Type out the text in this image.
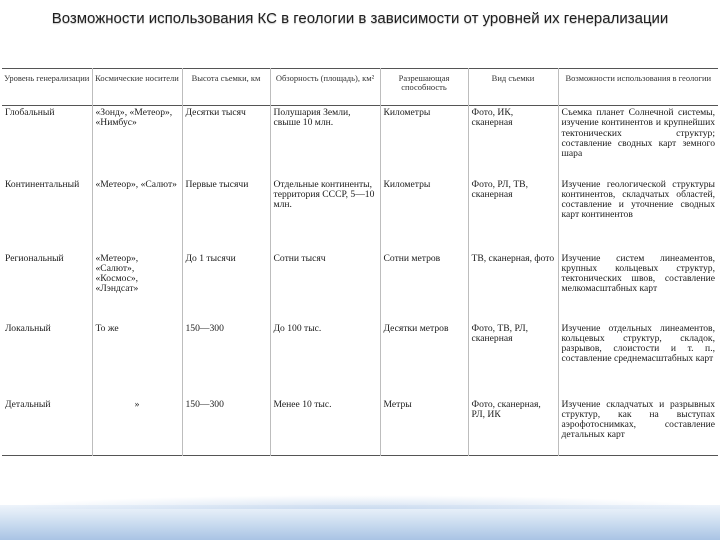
Возможности использования КС в геологии в зависимости от уровней их генерализации
Уровень генерализации	Космические носители	Высота съемки, км	Обзорность (площадь), км²	Разрешающая способность	Вид съемки	Возможности использования в геологии
Глобальный	«Зонд», «Метеор», «Нимбус»	Десятки тысяч	Полушария Земли, свыше 10 млн.	Километры	Фото, ИК, сканерная	Съемка планет Солнечной системы, изучение континентов и крупнейших тектонических структур; составление сводных карт земного шара
Континентальный	«Метеор», «Салют»	Первые тысячи	Отдельные континенты, территория СССР, 5—10 млн.	Километры	Фото, РЛ, ТВ, сканерная	Изучение геологической структуры континентов, складчатых областей, составление и уточнение сводных карт континентов
Региональный	«Метеор», «Салют», «Космос», «Лэндсат»	До 1 тысячи	Сотни тысяч	Сотни метров	ТВ, сканерная, фото	Изучение систем линеаментов, крупных кольцевых структур, тектонических швов, составление мелкомасштабных карт
Локальный	То же	150—300	До 100 тыс.	Десятки метров	Фото, ТВ, РЛ, сканерная	Изучение отдельных линеаментов, кольцевых структур, складок, разрывов, слоистости и т. п., составление среднемасштабных карт
Детальный	»	150—300	Менее 10 тыс.	Метры	Фото, сканерная, РЛ, ИК	Изучение складчатых и разрывных структур, как на выступах аэрофотоснимках, составление детальных карт
